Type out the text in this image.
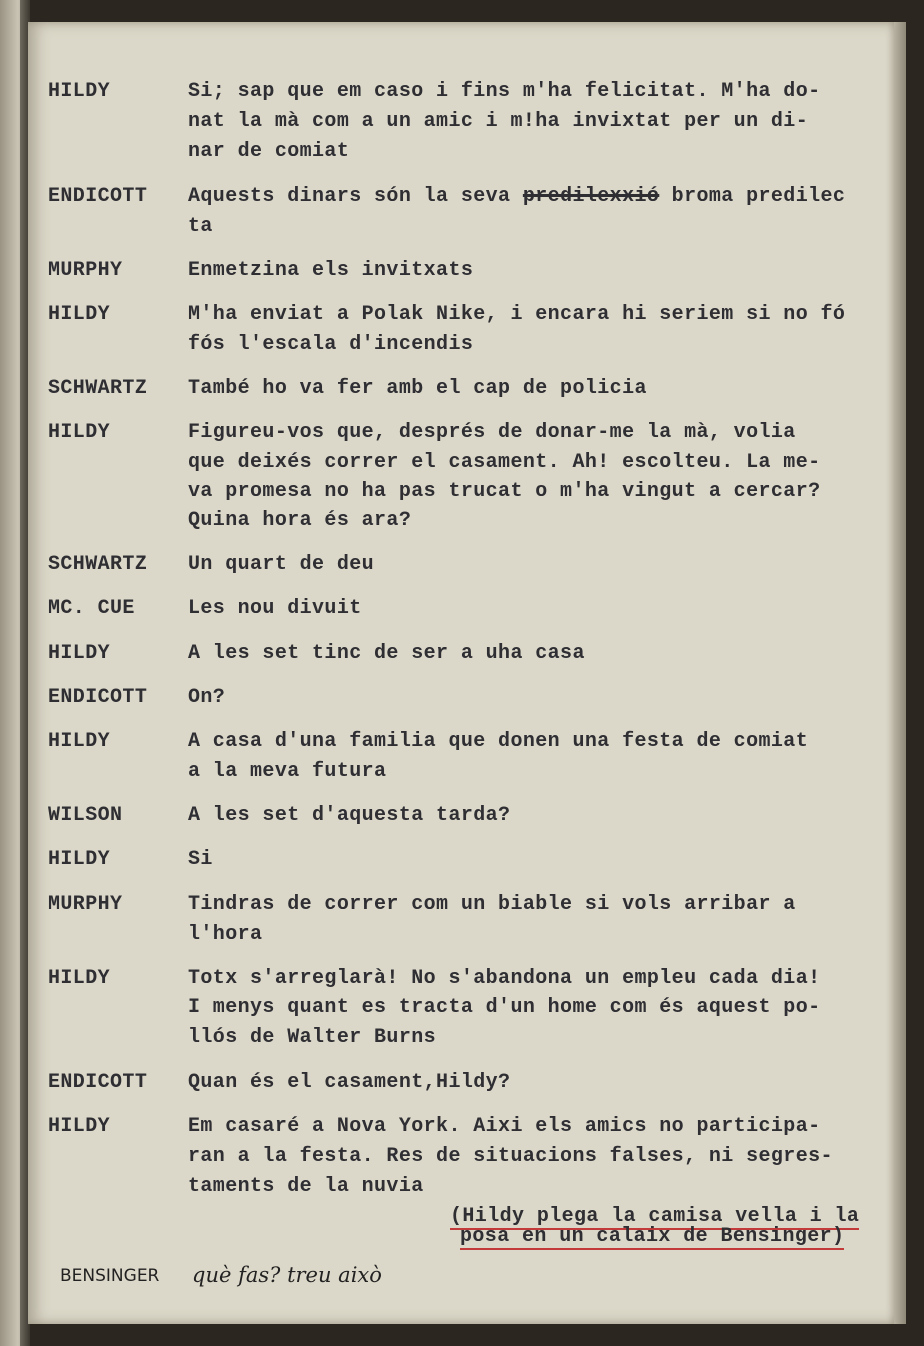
HILDY	Si; sap que em caso i fins m'ha felicitat. M'ha do-

nat la mà com a un amic i m!ha invixtat per un di-

nar de comiat

ENDICOTT Aquests dinars són la seva predilexxió broma predilec

ta

MURPHY	Enmetzina els invitxats

HILDY	M'ha enviat a Polak Nike, i encara hi seriem si no fó

fós l'escala d'incendis

SCHWARTZ També ho va fer amb el cap de policia

HILDY	Figureu-vos que, després de donar-me la mà, volia

que deixés correr el casament. Ah! escolteu. La me-

va promesa no ha pas trucat o m'ha vingut a cercar?

Quina hora és ara?

SCHWARTZ Un quart de deu

MC. CUE	Les nou divuit

HILDY	A les set tinc de ser a uha casa

ENDICOTT On?

HILDY	A casa d'una familia que donen una festa de comiat

a la meva futura

WILSON	A les set d'aquesta tarda?

HILDY	Si

MURPHY	Tindras de correr com un biable si vols arribar a

l'hora

HILDY	Totx s'arreglarà! No s'abandona un empleu cada dia!

I menys quant es tracta d'un home com és aquest po-

llós de Walter Burns

ENDICOTT Quan és el casament,Hildy?

HILDY	Em casaré a Nova York. Aixi els amics no participa-

ran a la festa. Res de situacions falses, ni segres-

taments de la nuvia

(Hildy plega la camisa vella i la

posa en un calaix de Bensinger)

BENSINGER què fas? treu això
